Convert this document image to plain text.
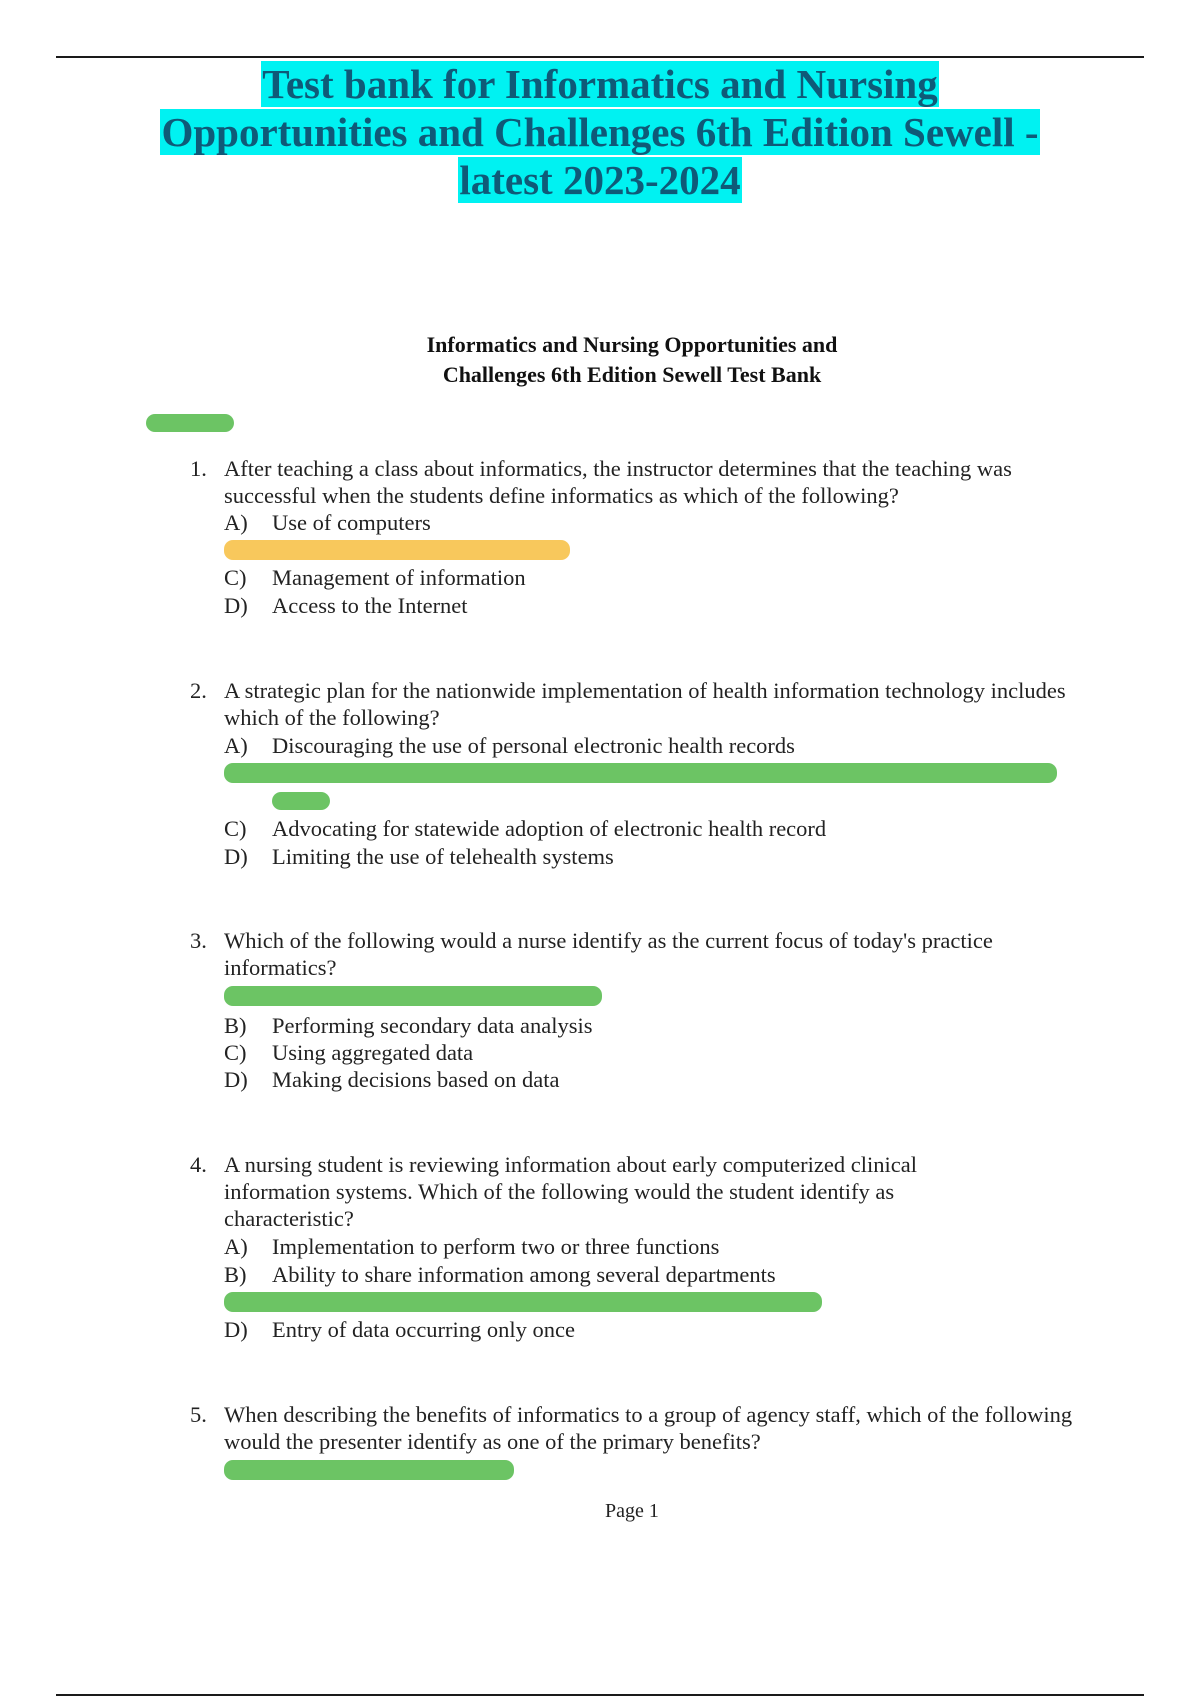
Test bank for Informatics and Nursing Opportunities and Challenges 6th Edition Sewell - latest 2023-2024
Informatics and Nursing Opportunities and
Challenges 6th Edition Sewell Test Bank
1. After teaching a class about informatics, the instructor determines that the teaching was successful when the students define informatics as which of the following?
A) Use of computers
C) Management of information
D) Access to the Internet
2. A strategic plan for the nationwide implementation of health information technology includes which of the following?
A) Discouraging the use of personal electronic health records
C) Advocating for statewide adoption of electronic health record
D) Limiting the use of telehealth systems
3. Which of the following would a nurse identify as the current focus of today's practice informatics?
B) Performing secondary data analysis
C) Using aggregated data
D) Making decisions based on data
4. A nursing student is reviewing information about early computerized clinical information systems. Which of the following would the student identify as characteristic?
A) Implementation to perform two or three functions
B) Ability to share information among several departments
D) Entry of data occurring only once
5. When describing the benefits of informatics to a group of agency staff, which of the following would the presenter identify as one of the primary benefits?
Page 1
